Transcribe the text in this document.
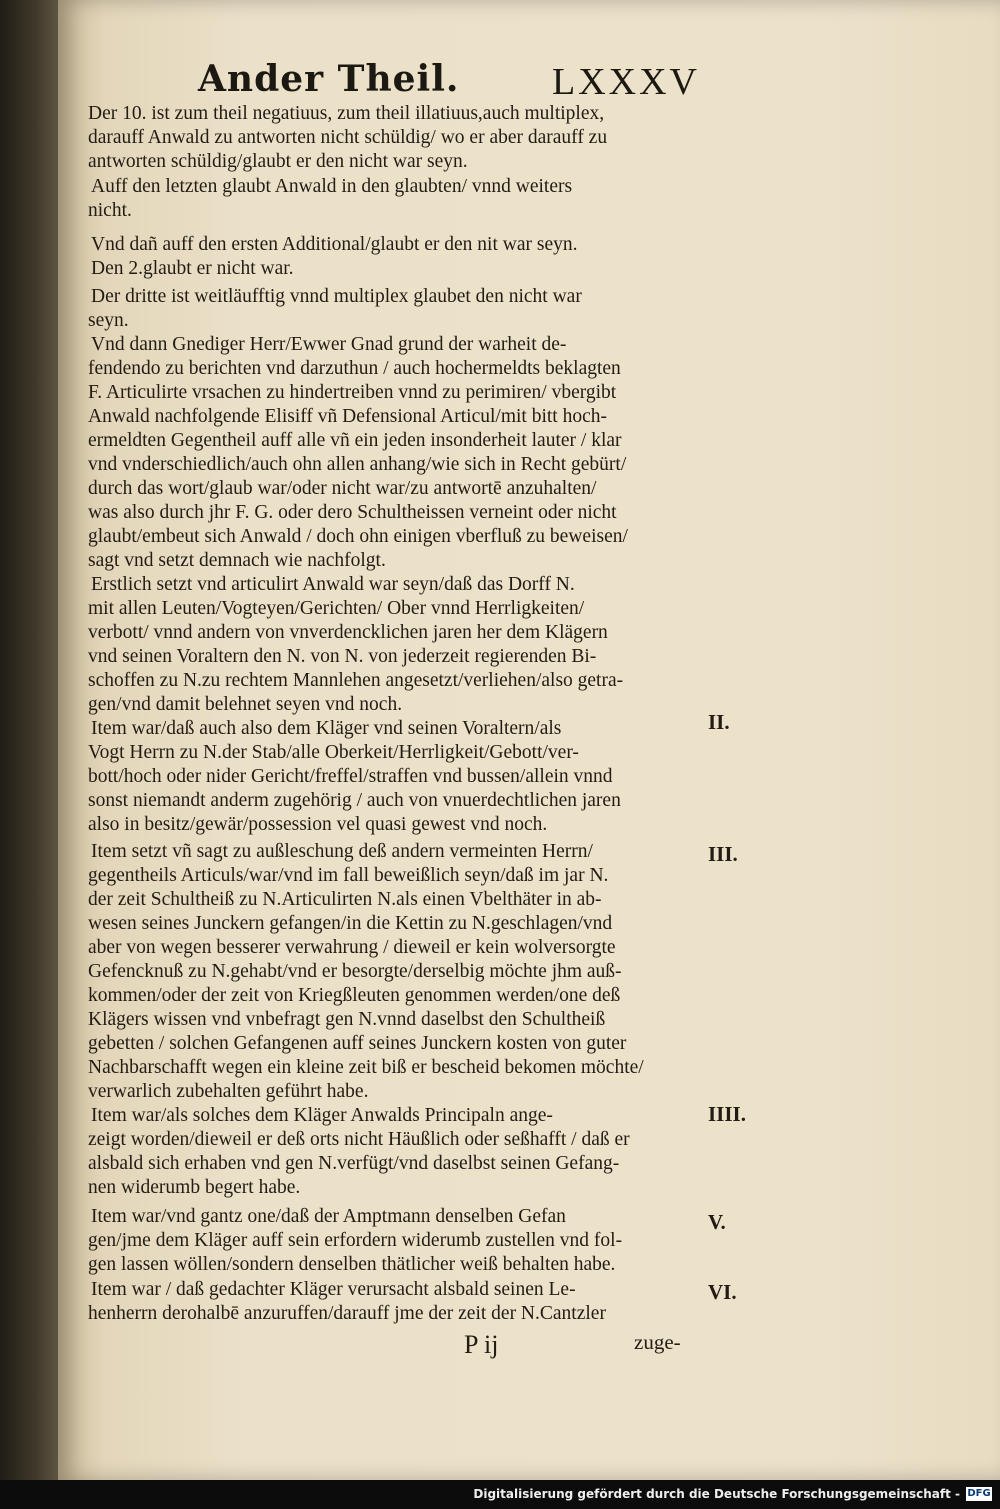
Ander Theil. LXXXV
Der 10. ist zum theil negatiuus, zum theil illatiuus,auch multiplex,
darauff Anwald zu antworten nicht schüldig/ wo er aber darauff zu
antworten schüldig/glaubt er den nicht war seyn.
Auff den letzten glaubt Anwald in den glaubten/ vnnd weiters
nicht.
Vnd dañ auff den ersten Additional/glaubt er den nit war seyn.
Den 2.glaubt er nicht war.
Der dritte ist weitläufftig vnnd multiplex glaubet den nicht war
seyn.
Vnd dann Gnediger Herr/Ewwer Gnad grund der warheit de-
fendendo zu berichten vnd darzuthun / auch hochermeldts beklagten
F. Articulirte vrsachen zu hindertreiben vnnd zu perimiren/ vbergibt
Anwald nachfolgende Elisiff vñ Defensional Articul/mit bitt hoch-
ermeldten Gegentheil auff alle vñ ein jeden insonderheit lauter / klar
vnd vnderschiedlich/auch ohn allen anhang/wie sich in Recht gebürt/
durch das wort/glaub war/oder nicht war/zu antwortē anzuhalten/
was also durch jhr F. G. oder dero Schultheissen verneint oder nicht
glaubt/embeut sich Anwald / doch ohn einigen vberfluß zu beweisen/
sagt vnd setzt demnach wie nachfolgt.
Erstlich setzt vnd articulirt Anwald war seyn/daß das Dorff N.
mit allen Leuten/Vogteyen/Gerichten/ Ober vnnd Herrligkeiten/
verbott/ vnnd andern von vnverdencklichen jaren her dem Klägern
vnd seinen Voraltern den N. von N. von jederzeit regierenden Bi-
schoffen zu N.zu rechtem Mannlehen angesetzt/verliehen/also getra-
gen/vnd damit belehnet seyen vnd noch.
Item war/daß auch also dem Kläger vnd seinen Voraltern/als
Vogt Herrn zu N.der Stab/alle Oberkeit/Herrligkeit/Gebott/ver-
bott/hoch oder nider Gericht/freffel/straffen vnd bussen/allein vnnd
sonst niemandt anderm zugehörig / auch von vnuerdechtlichen jaren
also in besitz/gewär/possession vel quasi gewest vnd noch.
Item setzt vñ sagt zu außleschung deß andern vermeinten Herrn/
gegentheils Articuls/war/vnd im fall beweißlich seyn/daß im jar N.
der zeit Schultheiß zu N.Articulirten N.als einen Vbelthäter in ab-
wesen seines Junckern gefangen/in die Kettin zu N.geschlagen/vnd
aber von wegen besserer verwahrung / dieweil er kein wolversorgte
Gefencknuß zu N.gehabt/vnd er besorgte/derselbig möchte jhm auß-
kommen/oder der zeit von Kriegßleuten genommen werden/one deß
Klägers wissen vnd vnbefragt gen N.vnnd daselbst den Schultheiß
gebetten / solchen Gefangenen auff seines Junckern kosten von guter
Nachbarschafft wegen ein kleine zeit biß er bescheid bekomen möchte/
verwarlich zubehalten geführt habe.
Item war/als solches dem Kläger Anwalds Principaln ange-
zeigt worden/dieweil er deß orts nicht Häußlich oder seßhafft / daß er
alsbald sich erhaben vnd gen N.verfügt/vnd daselbst seinen Gefang-
nen widerumb begert habe.
Item war/vnd gantz one/daß der Amptmann denselben Gefan
gen/jme dem Kläger auff sein erfordern widerumb zustellen vnd fol-
gen lassen wöllen/sondern denselben thätlicher weiß behalten habe.
Item war / daß gedachter Kläger verursacht alsbald seinen Le-
henherrn derohalbē anzuruffen/darauff jme der zeit der N.Cantzler
II.
III.
IIII.
V.
VI.
P ij	zuge-
Digitalisierung gefördert durch die Deutsche Forschungsgemeinschaft - DFG
